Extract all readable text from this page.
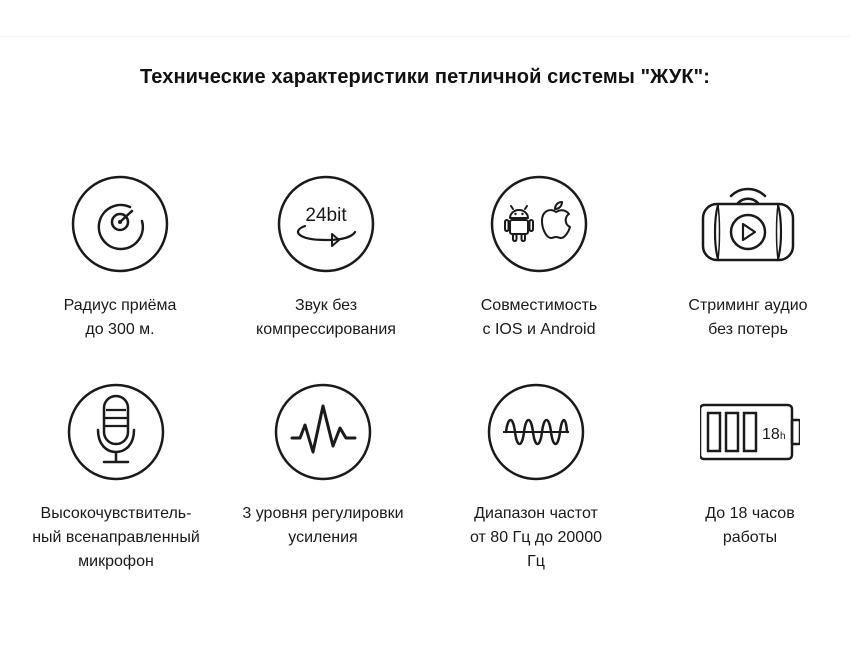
Технические характеристики петличной системы "ЖУК":
Радиус приёма
до 300 м.
24bit
Звук без
компрессирования
Совместимость
с IOS и Android
Стриминг аудио
без потерь
Высокочувствитель-
ный всенаправленный
микрофон
3 уровня регулировки
усиления
Диапазон частот
от 80 Гц до 20000
Гц
18 h
До 18 часов
работы
